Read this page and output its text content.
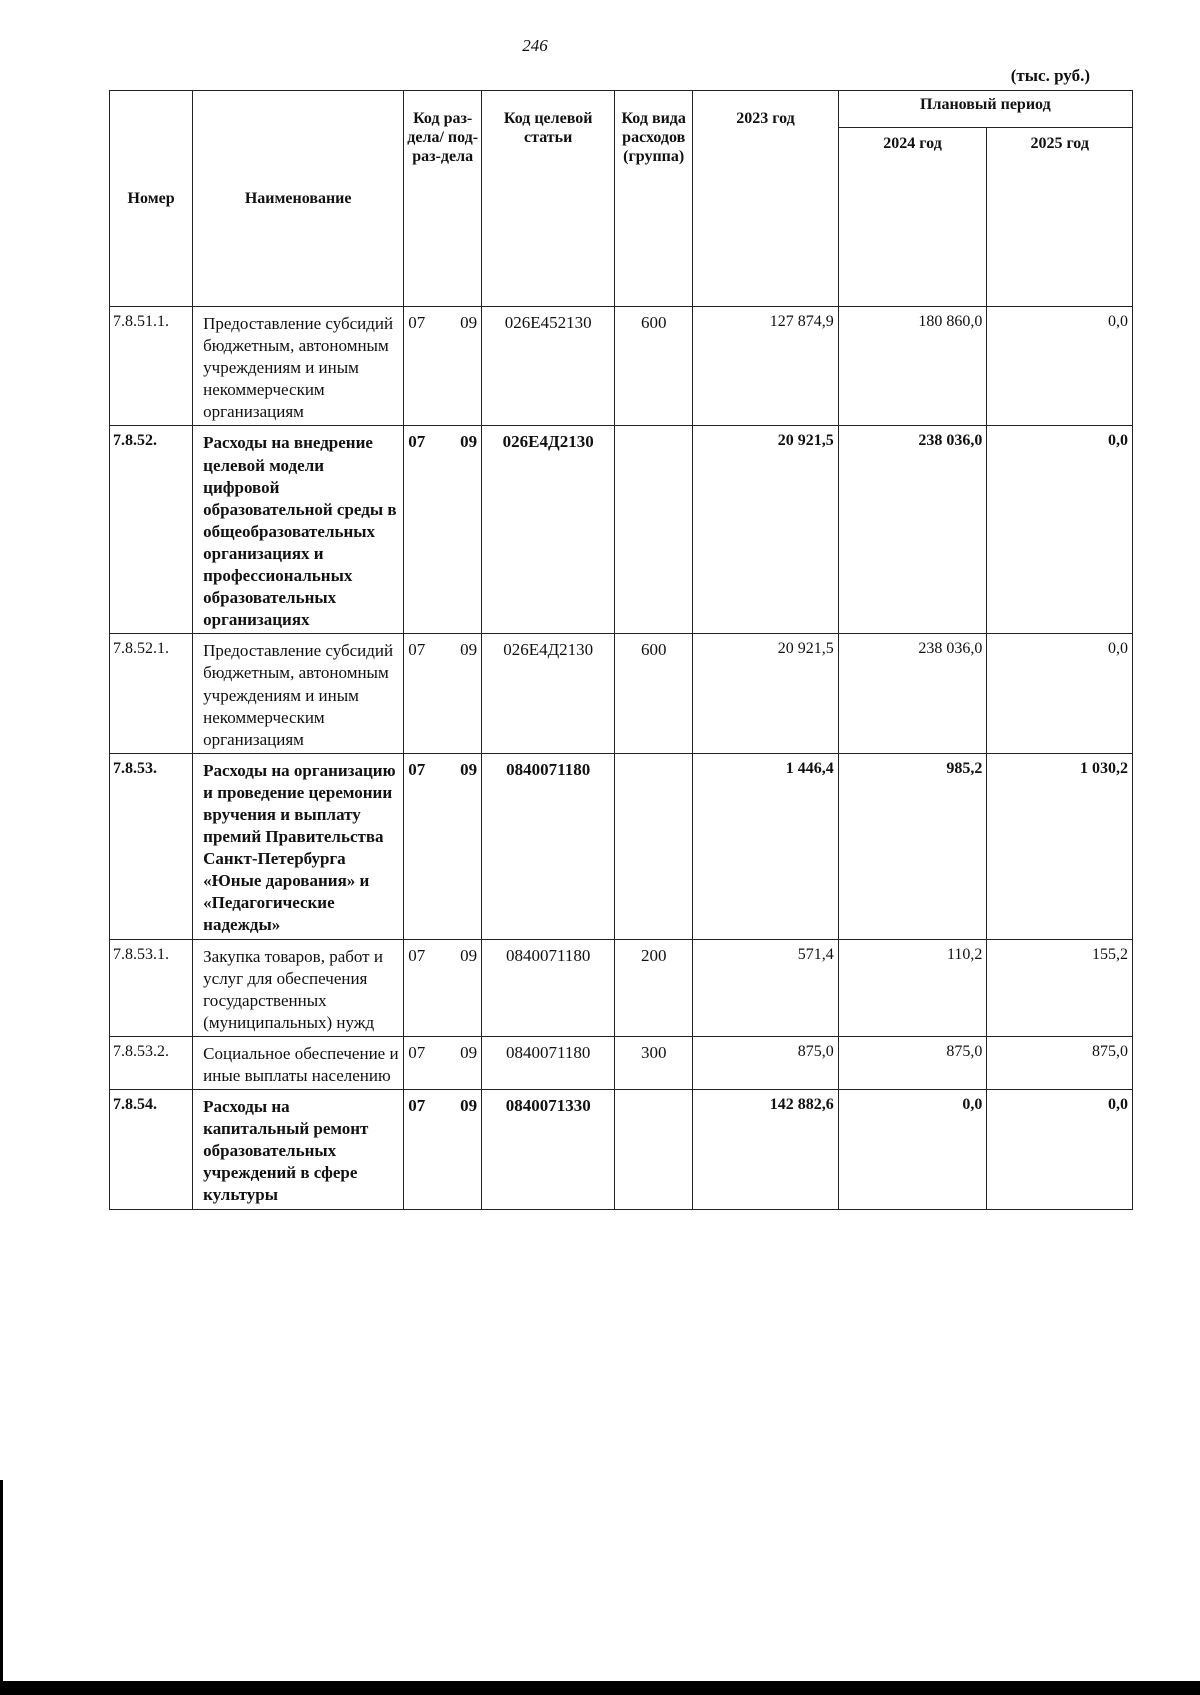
246
(тыс. руб.)
Номер	Наименование	Код раз-дела/ под-раз-дела	Код целевой статьи	Код вида расходов (группа)	2023 год	Плановый период	
						2024 год	2025 год
7.8.51.1.	Предоставление субсидий бюджетным, автономным учреждениям и иным некоммерческим организациям	07 09	026E452130	600	127 874,9	180 860,0	0,0
7.8.52.	Расходы на внедрение целевой модели цифровой образовательной среды в общеобразовательных организациях и профессиональных образовательных организациях	07 09	026E4Д2130		20 921,5	238 036,0	0,0
7.8.52.1.	Предоставление субсидий бюджетным, автономным учреждениям и иным некоммерческим организациям	07 09	026E4Д2130	600	20 921,5	238 036,0	0,0
7.8.53.	Расходы на организацию и проведение церемонии вручения и выплату премий Правительства Санкт-Петербурга «Юные дарования» и «Педагогические надежды»	07 09	0840071180		1 446,4	985,2	1 030,2
7.8.53.1.	Закупка товаров, работ и услуг для обеспечения государственных (муниципальных) нужд	07 09	0840071180	200	571,4	110,2	155,2
7.8.53.2.	Социальное обеспечение и иные выплаты населению	07 09	0840071180	300	875,0	875,0	875,0
7.8.54.	Расходы на капитальный ремонт образовательных учреждений в сфере культуры	07 09	0840071330		142 882,6	0,0	0,0
